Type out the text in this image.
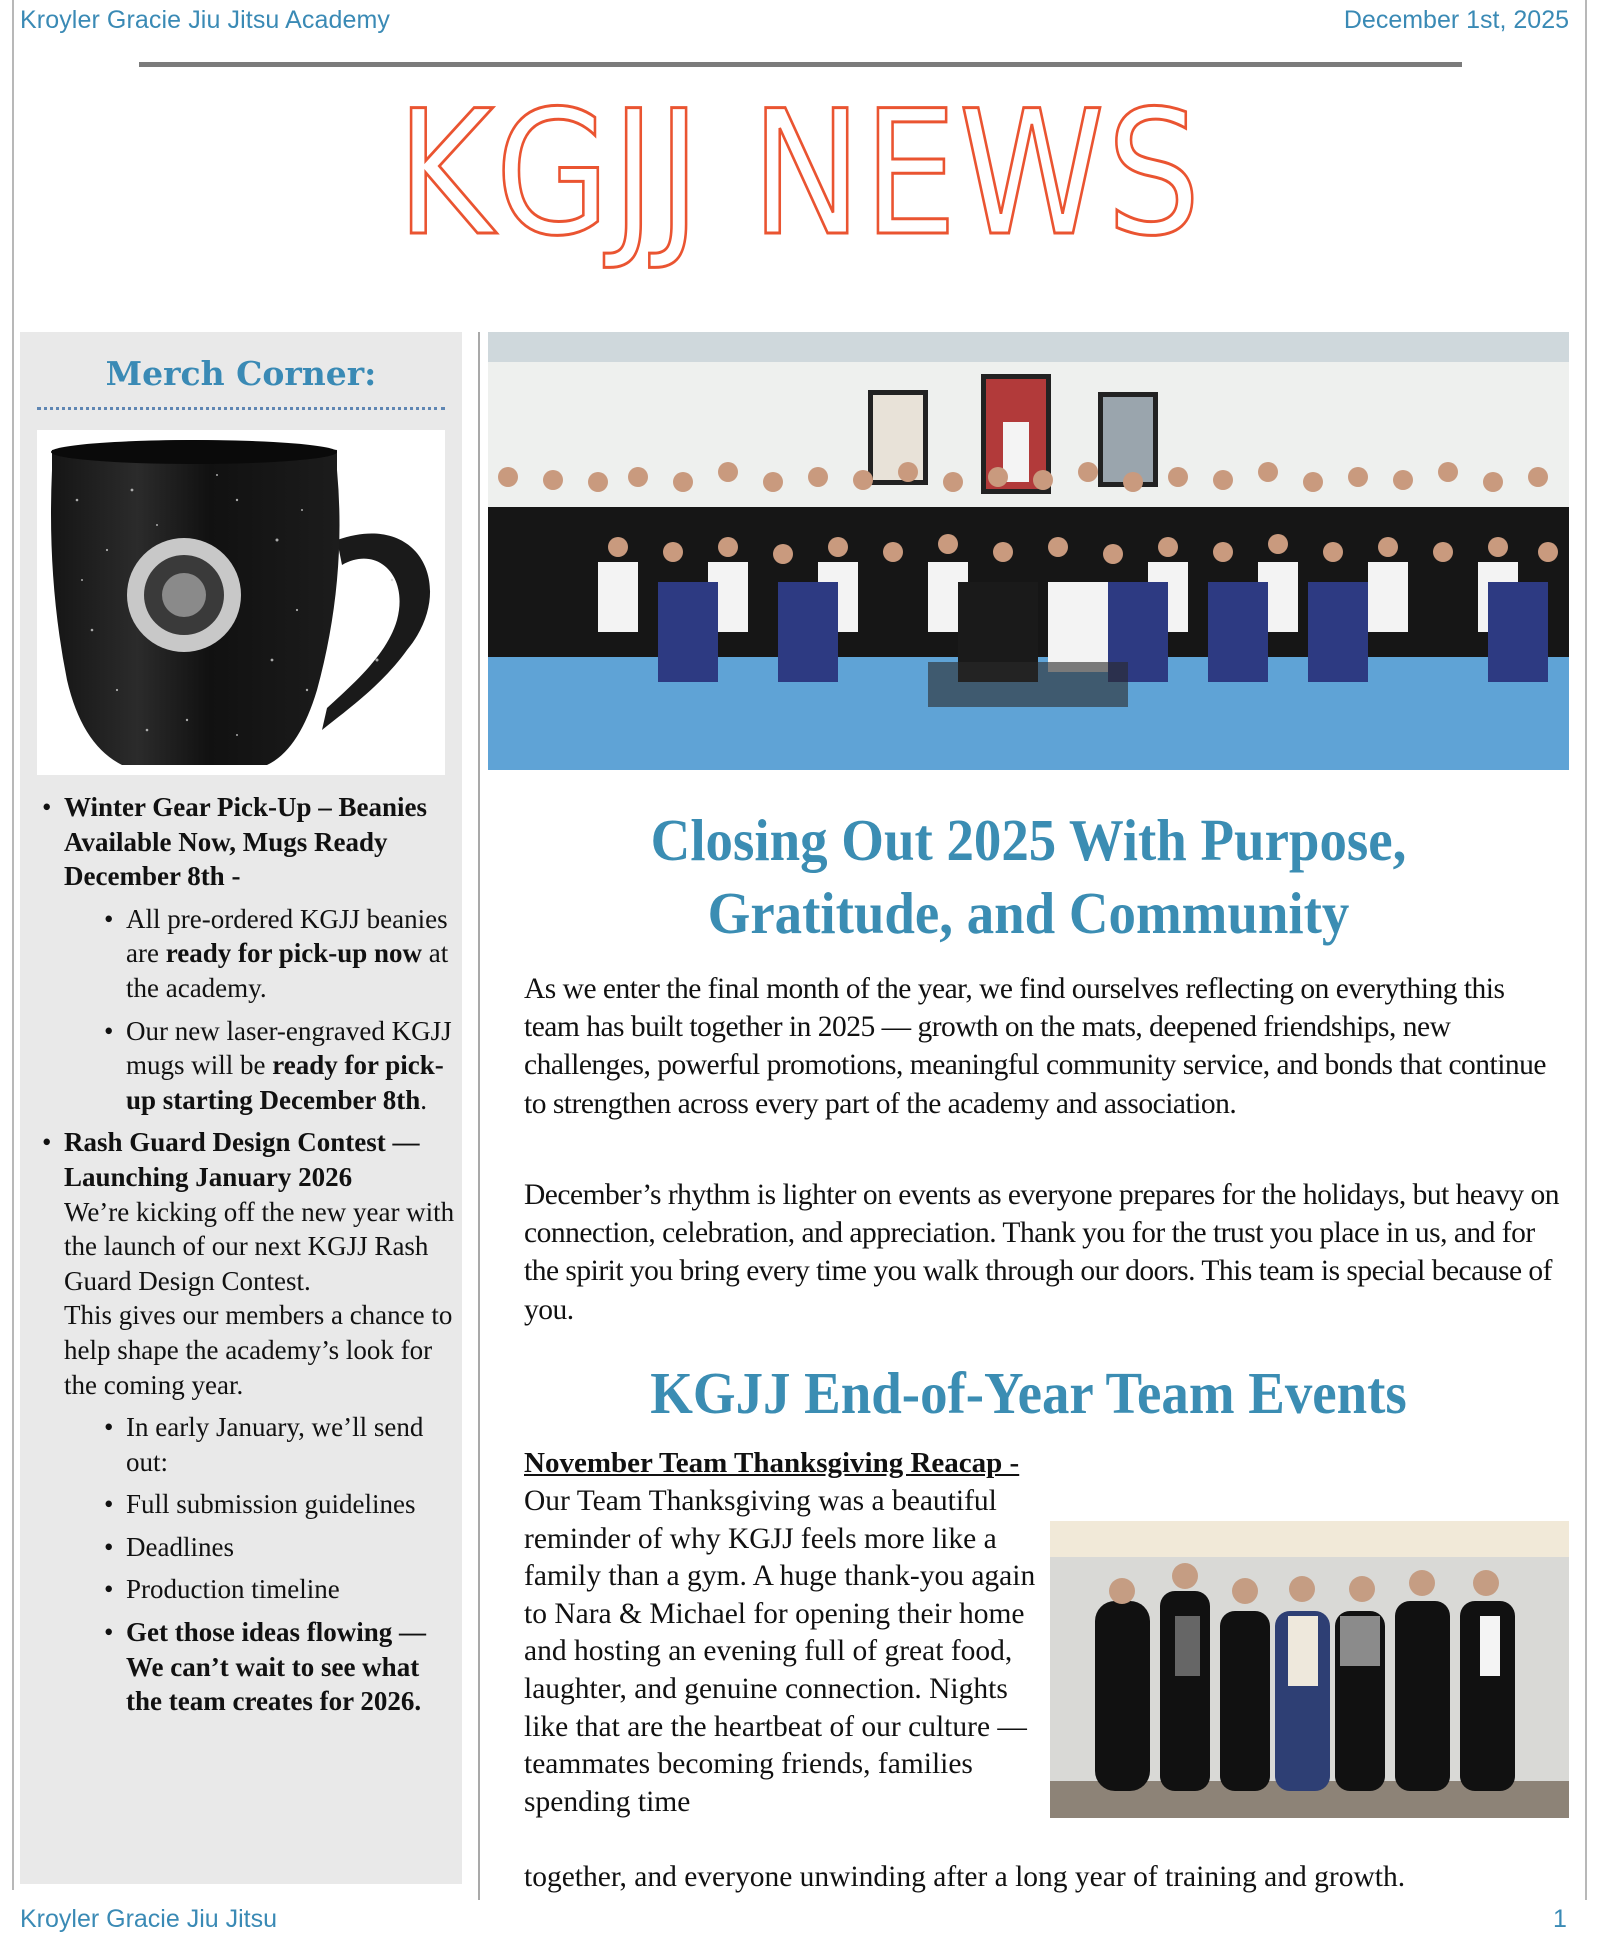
Kroyler Gracie Jiu Jitsu Academy	December 1st, 2025
KGJJ NEWS
Merch Corner:
• Winter Gear Pick-Up – Beanies Available Now, Mugs Ready December 8th -
• All pre-ordered KGJJ beanies are ready for pick-up now at the academy.
• Our new laser-engraved KGJJ mugs will be ready for pick-up starting December 8th.
• Rash Guard Design Contest — Launching January 2026
We’re kicking off the new year with the launch of our next KGJJ Rash Guard Design Contest.
This gives our members a chance to help shape the academy’s look for the coming year.
• In early January, we’ll send out:
• Full submission guidelines
• Deadlines
• Production timeline
• Get those ideas flowing — We can’t wait to see what the team creates for 2026.
Closing Out 2025 With Purpose, Gratitude, and Community
As we enter the final month of the year, we find ourselves reflecting on everything this team has built together in 2025 — growth on the mats, deepened friendships, new challenges, powerful promotions, meaningful community service, and bonds that continue to strengthen across every part of the academy and association.
December’s rhythm is lighter on events as everyone prepares for the holidays, but heavy on connection, celebration, and appreciation. Thank you for the trust you place in us, and for the spirit you bring every time you walk through our doors. This team is special because of you.
KGJJ End-of-Year Team Events
November Team Thanksgiving Reacap -
Our Team Thanksgiving was a beautiful reminder of why KGJJ feels more like a family than a gym. A huge thank-you again to Nara & Michael for opening their home and hosting an evening full of great food, laughter, and genuine connection. Nights like that are the heartbeat of our culture — teammates becoming friends, families spending time
together, and everyone unwinding after a long year of training and growth.
Kroyler Gracie Jiu Jitsu	1
